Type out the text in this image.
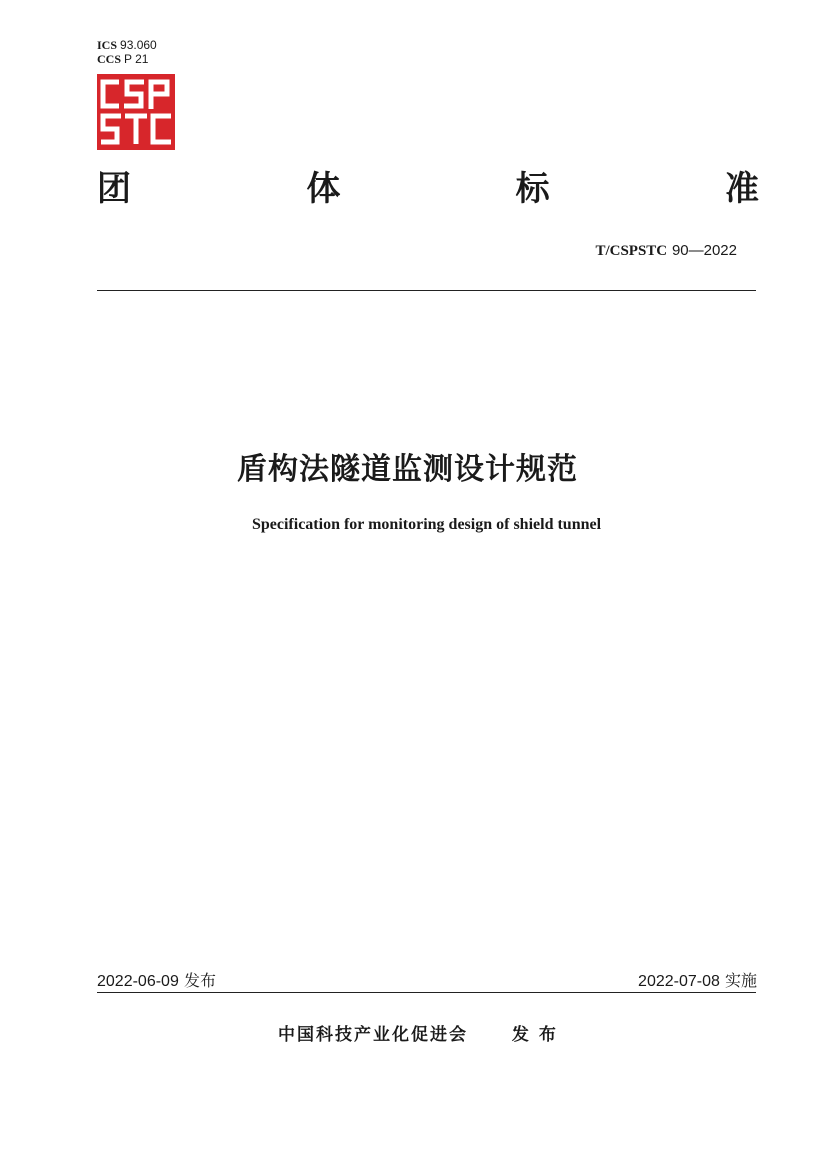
ICS 93.060
CCS P 21
团	体	标	准
T/CSPSTC 90—2022
盾构法隧道监测设计规范
Specification for monitoring design of shield tunnel
2022-06-09 发布	2022-07-08 实施
中国科技产业化促进会	发布
